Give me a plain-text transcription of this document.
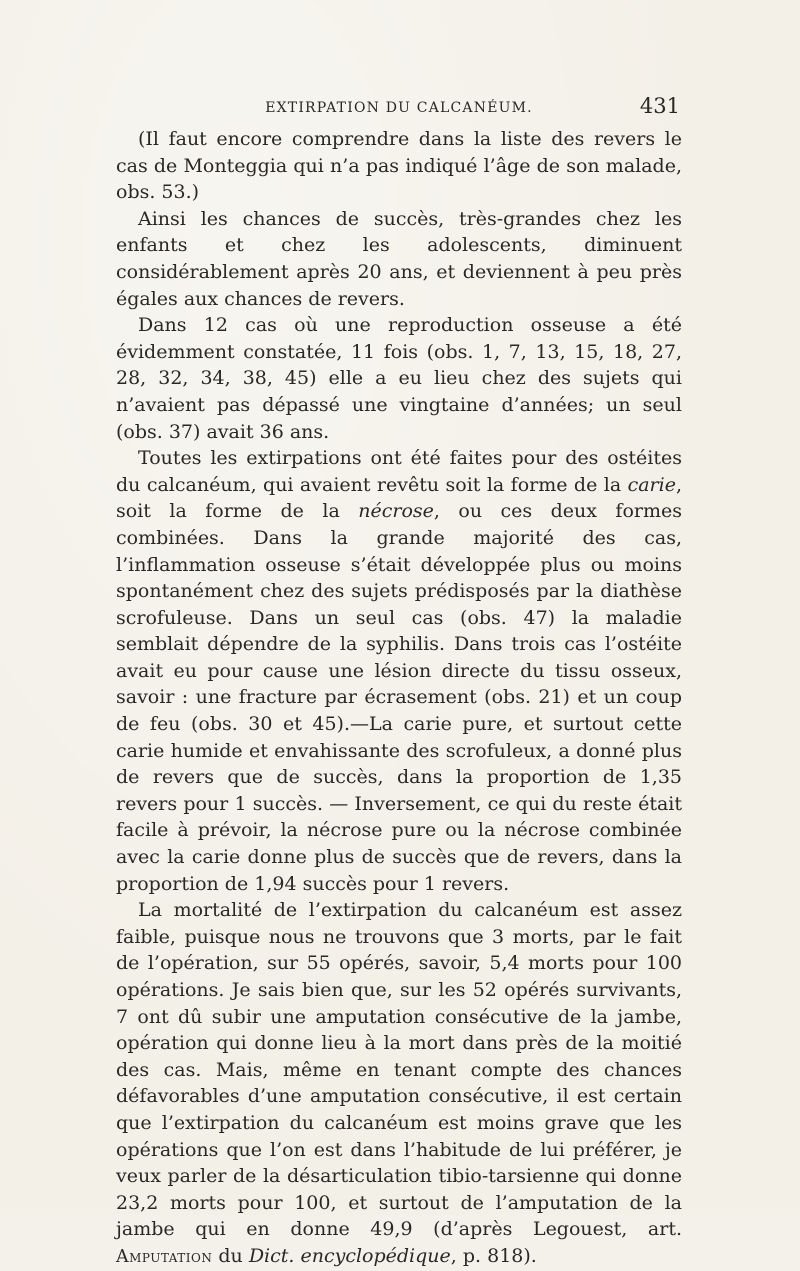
EXTIRPATION DU CALCANÉUM.	431

(Il faut encore comprendre dans la liste des revers le cas de Monteggia qui n’a pas indiqué l’âge de son malade, obs. 53.)

Ainsi les chances de succès, très-grandes chez les enfants et chez les adolescents, diminuent considérablement après 20 ans, et deviennent à peu près égales aux chances de revers.

Dans 12 cas où une reproduction osseuse a été évidemment constatée, 11 fois (obs. 1, 7, 13, 15, 18, 27, 28, 32, 34, 38, 45) elle a eu lieu chez des sujets qui n’avaient pas dépassé une vingtaine d’années; un seul (obs. 37) avait 36 ans.

Toutes les extirpations ont été faites pour des ostéites du calcanéum, qui avaient revêtu soit la forme de la carie, soit la forme de la nécrose, ou ces deux formes combinées. Dans la grande majorité des cas, l’inflammation osseuse s’était développée plus ou moins spontanément chez des sujets prédisposés par la diathèse scrofuleuse. Dans un seul cas (obs. 47) la maladie semblait dépendre de la syphilis. Dans trois cas l’ostéite avait eu pour cause une lésion directe du tissu osseux, savoir : une fracture par écrasement (obs. 21) et un coup de feu (obs. 30 et 45).—La carie pure, et surtout cette carie humide et envahissante des scrofuleux, a donné plus de revers que de succès, dans la proportion de 1,35 revers pour 1 succès. — Inversement, ce qui du reste était facile à prévoir, la nécrose pure ou la nécrose combinée avec la carie donne plus de succès que de revers, dans la proportion de 1,94 succès pour 1 revers.

La mortalité de l’extirpation du calcanéum est assez faible, puisque nous ne trouvons que 3 morts, par le fait de l’opération, sur 55 opérés, savoir, 5,4 morts pour 100 opérations. Je sais bien que, sur les 52 opérés survivants, 7 ont dû subir une amputation consécutive de la jambe, opération qui donne lieu à la mort dans près de la moitié des cas. Mais, même en tenant compte des chances défavorables d’une amputation consécutive, il est certain que l’extirpation du calcanéum est moins grave que les opérations que l’on est dans l’habitude de lui préférer, je veux parler de la désarticulation tibio-tarsienne qui donne 23,2 morts pour 100, et surtout de l’amputation de la jambe qui en donne 49,9 (d’après Legouest, art. Amputation du Dict. encyclopédique, p. 818).
